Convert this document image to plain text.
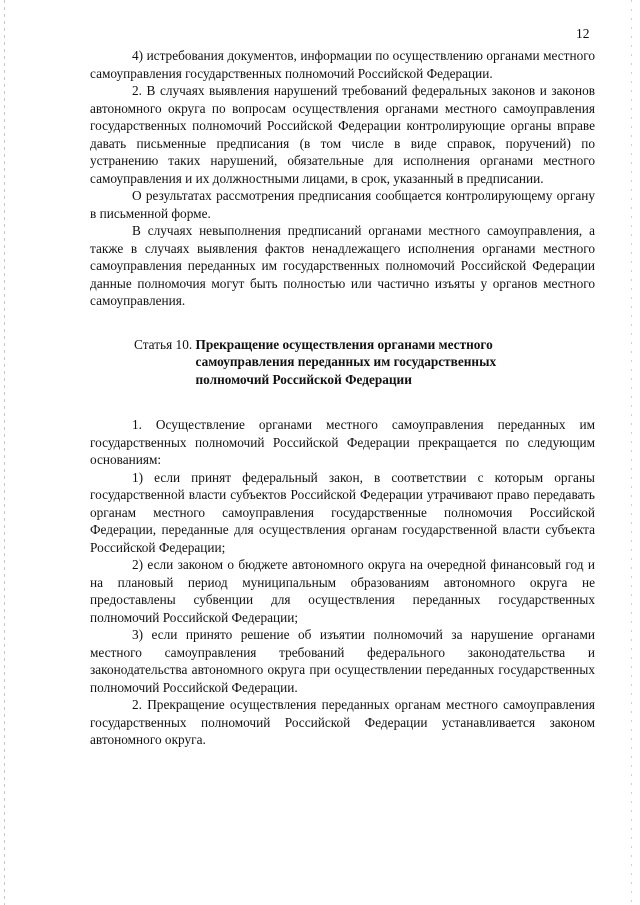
12

4) истребования документов, информации по осуществлению органами местного самоуправления государственных полномочий Российской Федерации.

2. В случаях выявления нарушений требований федеральных законов и законов автономного округа по вопросам осуществления органами местного самоуправления государственных полномочий Российской Федерации контролирующие органы вправе давать письменные предписания (в том числе в виде справок, поручений) по устранению таких нарушений, обязательные для исполнения органами местного самоуправления и их должностными лицами, в срок, указанный в предписании.

О результатах рассмотрения предписания сообщается контролирующему органу в письменной форме.

В случаях невыполнения предписаний органами местного самоуправления, а также в случаях выявления фактов ненадлежащего исполнения органами местного самоуправления переданных им государственных полномочий Российской Федерации данные полномочия могут быть полностью или частично изъяты у органов местного самоуправления.

Статья 10. Прекращение осуществления органами местного
самоуправления переданных им государственных
полномочий Российской Федерации

1. Осуществление органами местного самоуправления переданных им государственных полномочий Российской Федерации прекращается по следующим основаниям:

1) если принят федеральный закон, в соответствии с которым органы государственной власти субъектов Российской Федерации утрачивают право передавать органам местного самоуправления государственные полномочия Российской Федерации, переданные для осуществления органам государственной власти субъекта Российской Федерации;

2) если законом о бюджете автономного округа на очередной финансовый год и на плановый период муниципальным образованиям автономного округа не предоставлены субвенции для осуществления переданных государственных полномочий Российской Федерации;

3) если принято решение об изъятии полномочий за нарушение органами местного самоуправления требований федерального законодательства и законодательства автономного округа при осуществлении переданных государственных полномочий Российской Федерации.

2. Прекращение осуществления переданных органам местного самоуправления государственных полномочий Российской Федерации устанавливается законом автономного округа.
